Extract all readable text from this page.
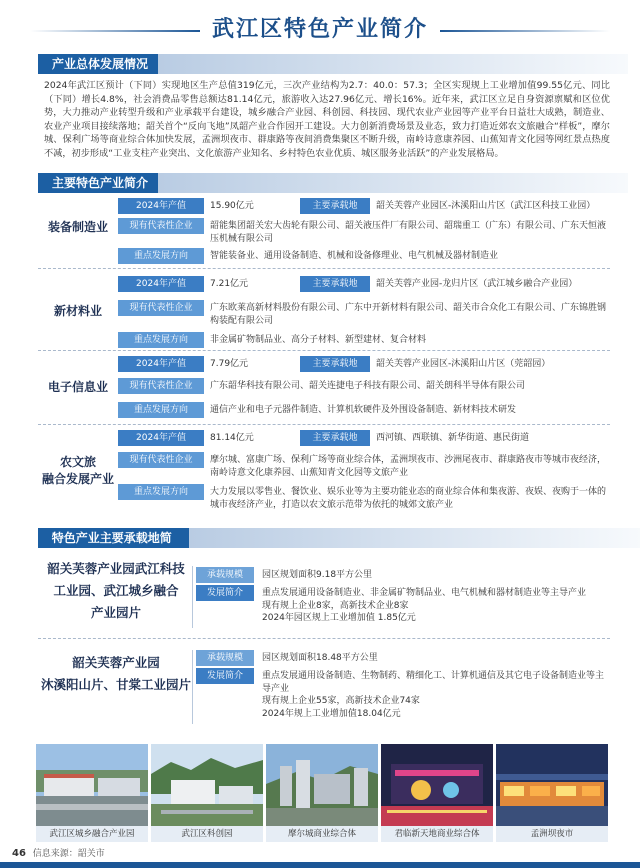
武江区特色产业简介
产业总体发展情况
2024年武江区预计（下同）实现地区生产总值319亿元，三次产业结构为2.7：40.0：57.3；全区实现规上工业增加值99.55亿元、同比（下同）增长4.8%，社会消费品零售总额达81.14亿元，旅游收入达27.96亿元、增长16%。近年来，武江区立足自身资源禀赋和区位优势，大力推动产业转型升级和产业承载平台建设，城乡融合产业园、科创园、科技园、现代农业产业园等产业平台日益壮大成熟，制造业、农业产业项目接续落地；韶关首个“反向飞地”凤韶产业合作园开工建设。大力创新消费场景及业态，致力打造近郊农文旅融合“样板”，摩尔城、保利广场等商业综合体加快发展，孟洲坝夜市、群康路等夜间消费集聚区不断升级，南岭诗意康养园、山蕉知青文化园等网红景点热度不减，初步形成“工业支柱产业突出、文化旅游产业知名、乡村特色农业优质、城区服务业活跃”的产业发展格局。
主要特色产业简介
装备制造业
2024年产值	15.90亿元	主要承载地	韶关芙蓉产业园区-沐溪阳山片区（武江区科技工业园）
现有代表性企业	韶能集团韶关宏大齿轮有限公司、韶关液压件厂有限公司、韶瑞重工（广东）有限公司、广东天恒液压机械有限公司
重点发展方向	智能装备业、通用设备制造、机械和设备修理业、电气机械及器材制造业
新材料业
2024年产值	7.21亿元	主要承载地	韶关芙蓉产业园-龙归片区（武江城乡融合产业园）
现有代表性企业	广东欧莱高新材料股份有限公司、广东中开新材料有限公司、韶关市合众化工有限公司、广东锦胜钢构装配有限公司
重点发展方向	非金属矿物制品业、高分子材料、新型建材、复合材料
电子信息业
2024年产值	7.79亿元	主要承载地	韶关芙蓉产业园区-沐溪阳山片区（莞韶园）
现有代表性企业	广东韶华科技有限公司、韶关连捷电子科技有限公司、韶关朗科半导体有限公司
重点发展方向	通信产业和电子元器件制造、计算机软硬件及外围设备制造、新材料技术研发
农文旅
融合发展产业
2024年产值	81.14亿元	主要承载地	西河镇、西联镇、新华街道、惠民街道
现有代表性企业	摩尔城、富康广场、保利广场等商业综合体，孟洲坝夜市、沙洲尾夜市、群康路夜市等城市夜经济，南岭诗意文化康养园、山蕉知青文化园等文旅产业
重点发展方向	大力发展以零售业、餐饮业、娱乐业等为主要功能业态的商业综合体和集夜游、夜娱、夜购于一体的城市夜经济产业，打造以农文旅示范带为依托的城郊文旅产业
特色产业主要承载地简介
韶关芙蓉产业园武江科技
工业园、武江城乡融合
产业园片
承载规模	园区规划面积9.18平方公里
发展简介	重点发展通用设备制造业、非金属矿物制品业、电气机械和器材制造业等主导产业
现有规上企业8家，高新技术企业8家
2024年园区规上工业增加值 1.85亿元
韶关芙蓉产业园
沐溪阳山片、甘棠工业园片
承载规模	园区规划面积18.48平方公里
发展简介	重点发展通用设备制造、生物制药、精细化工、计算机通信及其它电子设备制造业等主导产业
现有规上企业55家，高新技术企业74家
2024年规上工业增加值18.04亿元
武江区城乡融合产业园	武江区科创园	摩尔城商业综合体	君临新天地商业综合体	孟洲坝夜市
46 信息来源：韶关市
